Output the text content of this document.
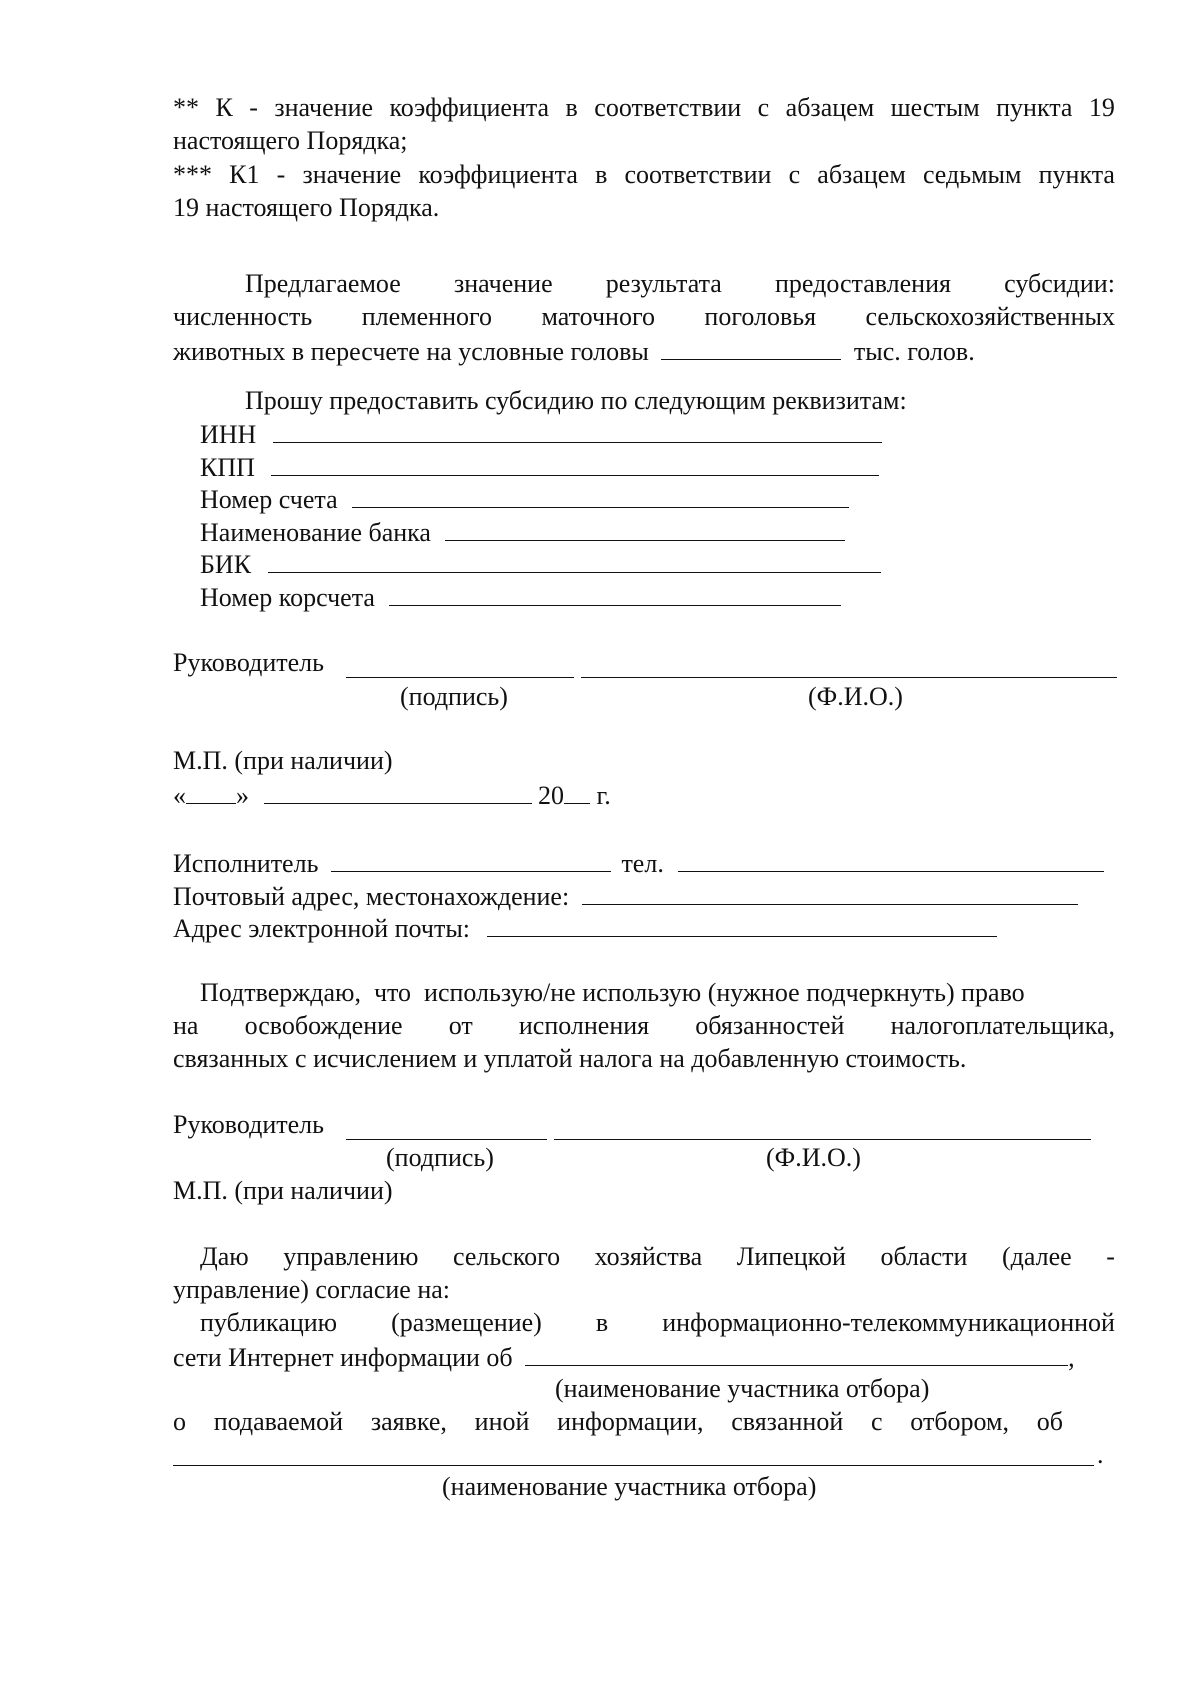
** К - значение коэффициента в соответствии с абзацем шестым пункта 19
настоящего Порядка;
*** К1 - значение коэффициента в соответствии с абзацем седьмым пункта
19 настоящего Порядка.
Предлагаемое значение результата предоставления субсидии:
численность племенного маточного поголовья сельскохозяйственных
животных в пересчете на условные головы	тыс. голов.
Прошу предоставить субсидию по следующим реквизитам:
ИНН
КПП
Номер счета
Наименование банка
БИК
Номер корсчета
Руководитель
(подпись)	(Ф.И.О.)
М.П. (при наличии)
« »	20 г.
Исполнитель	тел.
Почтовый адрес, местонахождение:
Адрес электронной почты:
Подтверждаю,  что  использую/не использую (нужное подчеркнуть) право
на освобождение от исполнения обязанностей налогоплательщика,
связанных с исчислением и уплатой налога на добавленную стоимость.
Руководитель
(подпись)	(Ф.И.О.)
М.П. (при наличии)
Даю управлению сельского хозяйства Липецкой области (далее -
управление) согласие на:
публикацию (размещение) в информационно-телекоммуникационной
сети Интернет информации об	,
(наименование участника отбора)
о подаваемой заявке, иной информации, связанной с отбором, об
.
(наименование участника отбора)
